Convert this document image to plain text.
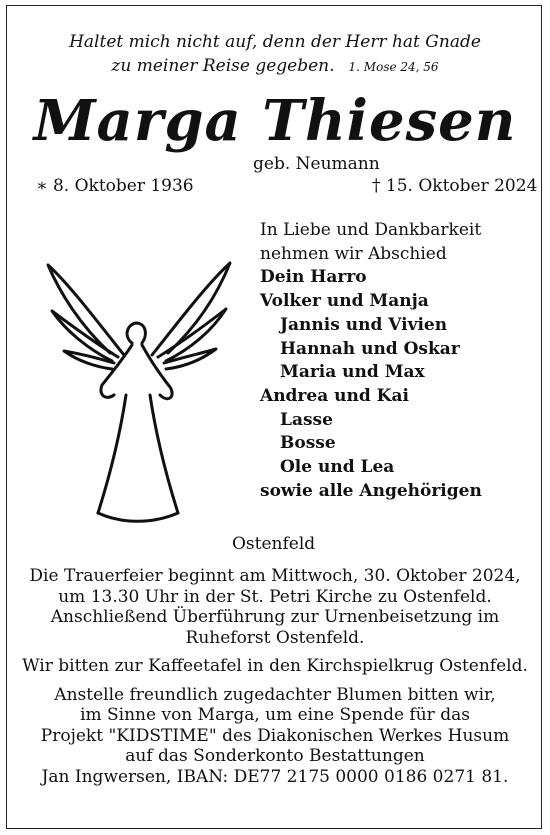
Haltet mich nicht auf, denn der Herr hat Gnade
zu meiner Reise gegeben. 1. Mose 24, 56
Marga Thiesen
geb. Neumann
∗ 8. Oktober 1936	† 15. Oktober 2024
In Liebe und Dankbarkeit
nehmen wir Abschied
Dein Harro
Volker und Manja
Jannis und Vivien
Hannah und Oskar
Maria und Max
Andrea und Kai
Lasse
Bosse
Ole und Lea
sowie alle Angehörigen
Ostenfeld
Die Trauerfeier beginnt am Mittwoch, 30. Oktober 2024,
um 13.30 Uhr in der St. Petri Kirche zu Ostenfeld.
Anschließend Überführung zur Urnenbeisetzung im
Ruheforst Ostenfeld.
Wir bitten zur Kaffeetafel in den Kirchspielkrug Ostenfeld.
Anstelle freundlich zugedachter Blumen bitten wir,
im Sinne von Marga, um eine Spende für das
Projekt "KIDSTIME" des Diakonischen Werkes Husum
auf das Sonderkonto Bestattungen
Jan Ingwersen, IBAN: DE77 2175 0000 0186 0271 81.
